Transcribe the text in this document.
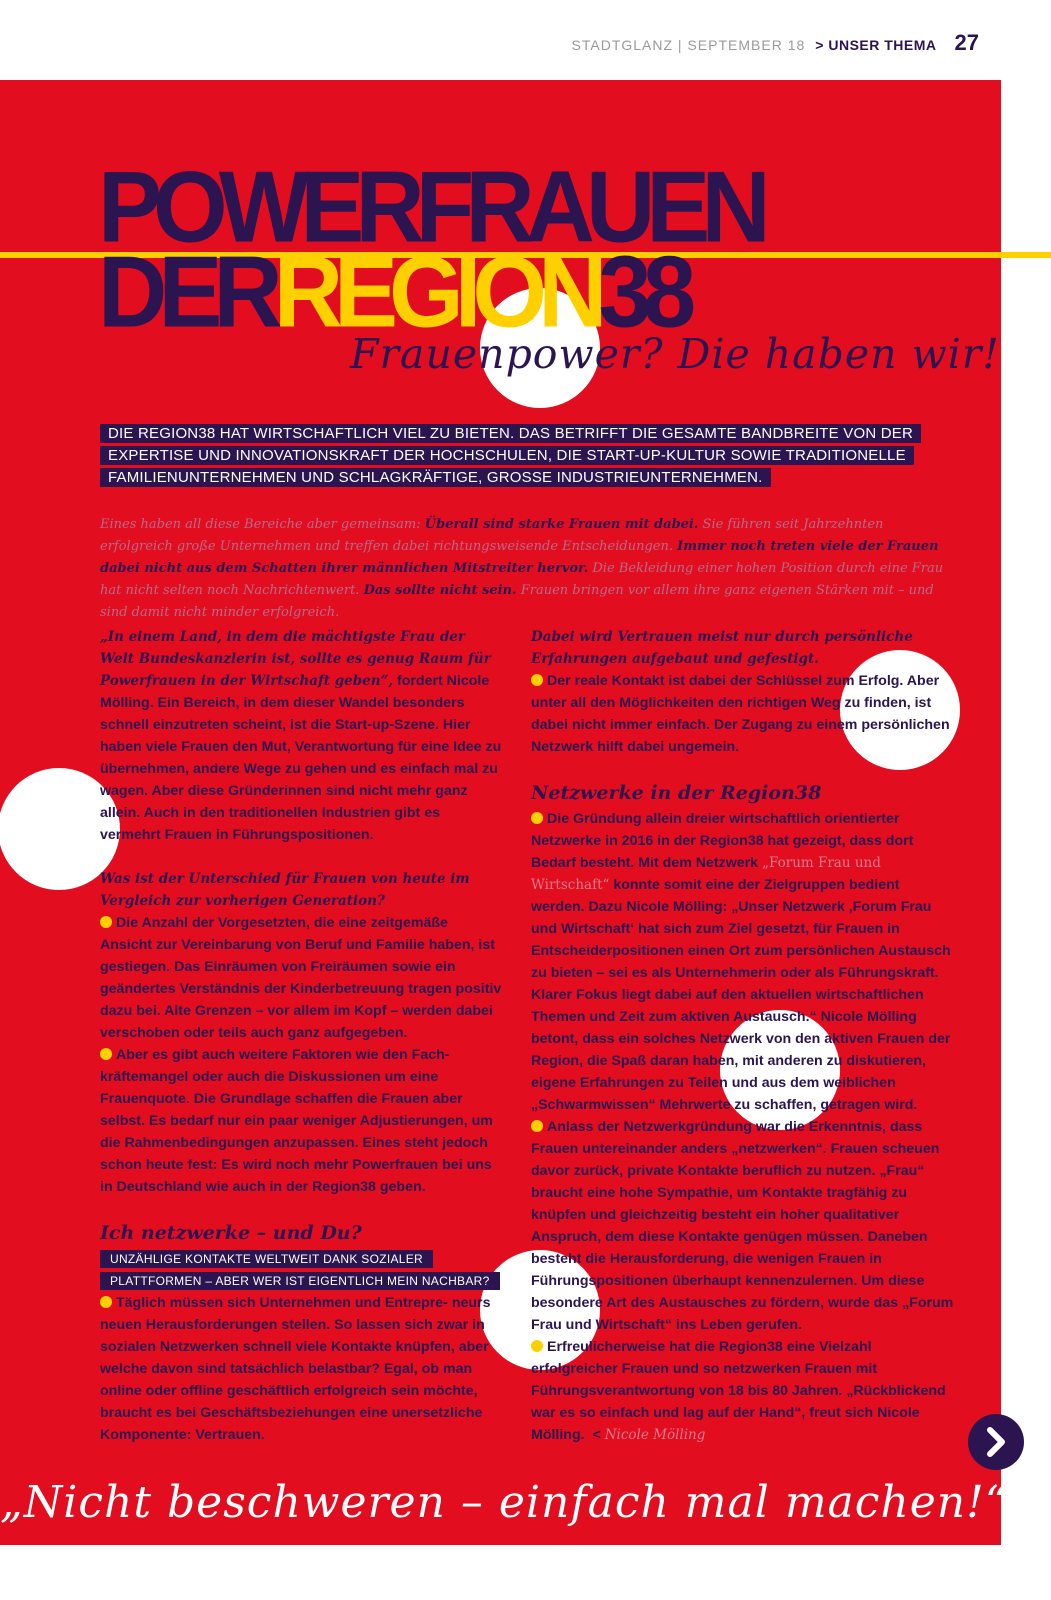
STADTGLANZ | SEPTEMBER 18 > UNSER THEMA 27
POWERFRAUEN
DERREGION38
Frauenpower? Die haben wir!
DIE REGION38 HAT WIRTSCHAFTLICH VIEL ZU BIETEN. DAS BETRIFFT DIE GESAMTE BANDBREITE VON DER EXPERTISE UND INNOVATIONSKRAFT DER HOCHSCHULEN, DIE START-UP-KULTUR SOWIE TRADITIONELLE FAMILIENUNTERNEHMEN UND SCHLAGKRÄFTIGE, GROSSE INDUSTRIEUNTERNEHMEN.
Eines haben all diese Bereiche aber gemeinsam: Überall sind starke Frauen mit dabei. Sie führen seit Jahrzehnten erfolgreich große Unternehmen und treffen dabei richtungsweisende Entscheidungen. Immer noch treten viele der Frauen dabei nicht aus dem Schatten ihrer männlichen Mitstreiter hervor. Die Bekleidung einer hohen Position durch eine Frau hat nicht selten noch Nachrichtenwert. Das sollte nicht sein. Frauen bringen vor allem ihre ganz eigenen Stärken mit – und sind damit nicht minder erfolgreich.

„In einem Land, in dem die mächtigste Frau der Welt Bundeskanzlerin ist, sollte es genug Raum für Powerfrauen in der Wirtschaft geben“, fordert Nicole Mölling. Ein Bereich, in dem dieser Wandel besonders schnell einzutreten scheint, ist die Start-up-Szene. Hier haben viele Frauen den Mut, Verantwortung für eine Idee zu übernehmen, andere Wege zu gehen und es einfach mal zu wagen. Aber diese Gründerinnen sind nicht mehr ganz allein. Auch in den traditionellen Industrien gibt es vermehrt Frauen in Führungspositionen.

Was ist der Unterschied für Frauen von heute im Vergleich zur vorherigen Generation?

Die Anzahl der Vorgesetzten, die eine zeitgemäße Ansicht zur Vereinbarung von Beruf und Familie haben, ist gestiegen. Das Einräumen von Freiräumen sowie ein geändertes Verständnis der Kinderbetreuung tragen positiv dazu bei. Alte Grenzen – vor allem im Kopf – werden dabei verschoben oder teils auch ganz aufgegeben.

Aber es gibt auch weitere Faktoren wie den Fach- kräftemangel oder auch die Diskussionen um eine Frauenquote. Die Grundlage schaffen die Frauen aber selbst. Es bedarf nur ein paar weniger Adjustierungen, um die Rahmenbedingungen anzupassen. Eines steht jedoch schon heute fest: Es wird noch mehr Powerfrauen bei uns in Deutschland wie auch in der Region38 geben.

Ich netzwerke – und Du?
UNZÄHLIGE KONTAKTE WELTWEIT DANK SOZIALER
PLATTFORMEN – ABER WER IST EIGENTLICH MEIN NACHBAR?

Täglich müssen sich Unternehmen und Entrepre- neurs neuen Herausforderungen stellen. So lassen sich zwar in sozialen Netzwerken schnell viele Kontakte knüpfen, aber welche davon sind tatsächlich belastbar? Egal, ob man online oder offline geschäftlich erfolgreich sein möchte, braucht es bei Geschäftsbeziehungen eine unersetzliche Komponente: Vertrauen.

Dabei wird Vertrauen meist nur durch persönliche Erfahrungen aufgebaut und gefestigt.

Der reale Kontakt ist dabei der Schlüssel zum Erfolg. Aber unter all den Möglichkeiten den richtigen Weg zu finden, ist dabei nicht immer einfach. Der Zugang zu einem persönlichen Netzwerk hilft dabei ungemein.

Netzwerke in der Region38

Die Gründung allein dreier wirtschaftlich orientierter Netzwerke in 2016 in der Region38 hat gezeigt, dass dort Bedarf besteht. Mit dem Netzwerk „Forum Frau und Wirtschaft“ konnte somit eine der Zielgruppen bedient werden. Dazu Nicole Mölling: „Unser Netzwerk ‚Forum Frau und Wirtschaft‘ hat sich zum Ziel gesetzt, für Frauen in Entscheiderpositionen einen Ort zum persönlichen Austausch zu bieten – sei es als Unternehmerin oder als Führungskraft. Klarer Fokus liegt dabei auf den aktuellen wirtschaftlichen Themen und Zeit zum aktiven Austausch.“ Nicole Mölling betont, dass ein solches Netzwerk von den aktiven Frauen der Region, die Spaß daran haben, mit anderen zu diskutieren, eigene Erfahrungen zu Teilen und aus dem weiblichen „Schwarmwissen“ Mehrwerte zu schaffen, getragen wird.

Anlass der Netzwerkgründung war die Erkenntnis, dass Frauen untereinander anders „netzwerken“. Frauen scheuen davor zurück, private Kontakte beruflich zu nutzen. „Frau“ braucht eine hohe Sympathie, um Kontakte tragfähig zu knüpfen und gleichzeitig besteht ein hoher qualitativer Anspruch, dem diese Kontakte genügen müssen. Daneben besteht die Herausforderung, die wenigen Frauen in Führungspositionen überhaupt kennenzulernen. Um diese besondere Art des Austausches zu fördern, wurde das „Forum Frau und Wirtschaft“ ins Leben gerufen.

Erfreulicherweise hat die Region38 eine Vielzahl erfolgreicher Frauen und so netzwerken Frauen mit Führungsverantwortung von 18 bis 80 Jahren. „Rückblickend war es so einfach und lag auf der Hand“, freut sich Nicole Mölling. < Nicole Mölling

„Nicht beschweren – einfach mal machen!“
